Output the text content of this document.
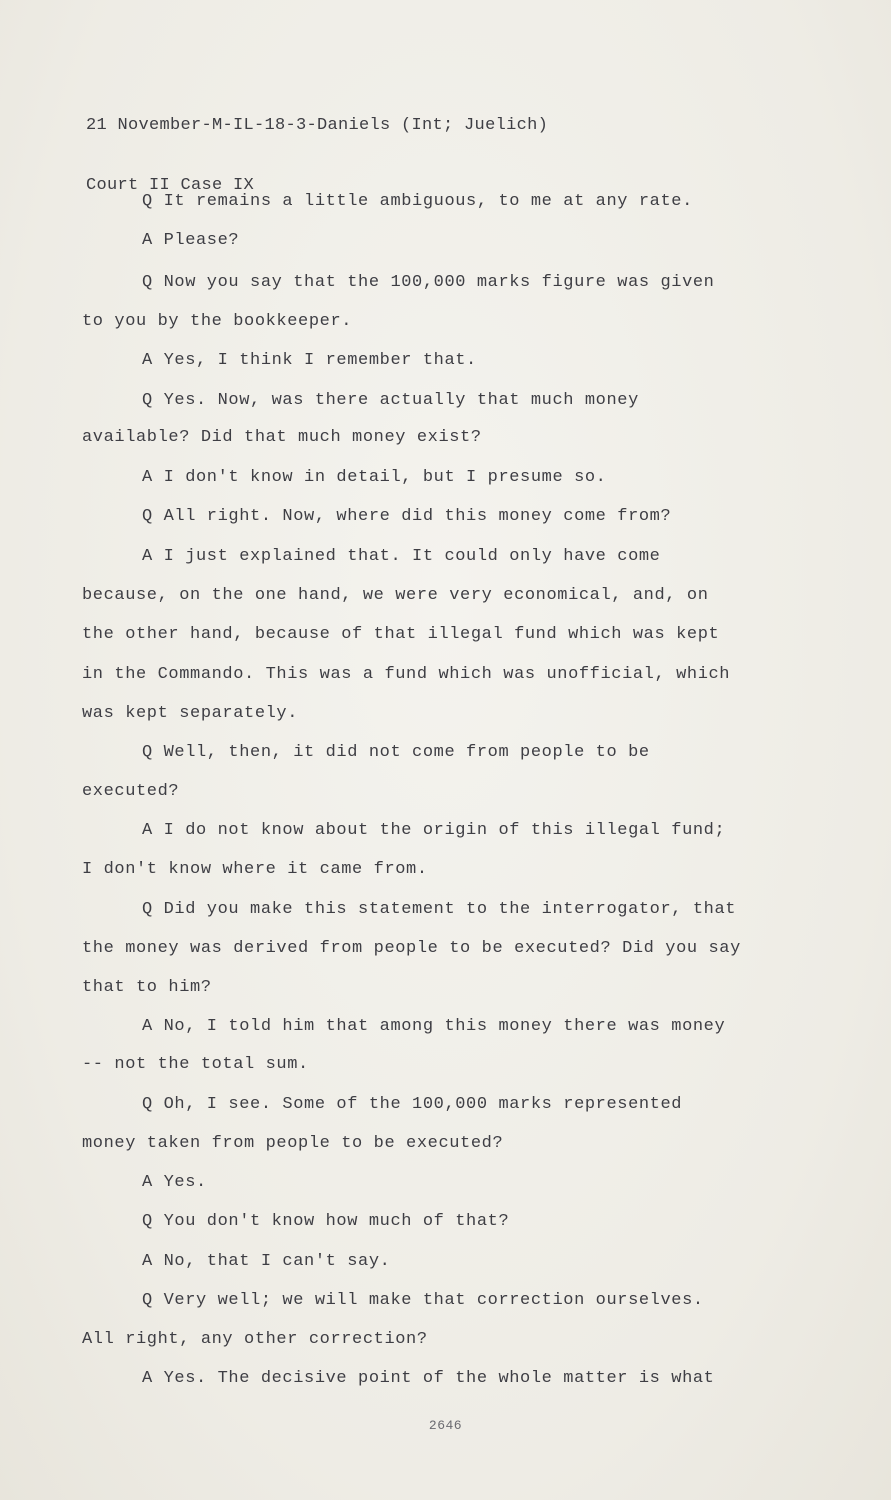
21 November-M-IL-18-3-Daniels (Int; Juelich)

Court II Case IX

Q It remains a little ambiguous, to me at any rate.
A Please?
Q Now you say that the 100,000 marks figure was given
to you by the bookkeeper.
A Yes, I think I remember that.
Q Yes. Now, was there actually that much money
available? Did that much money exist?
A I don't know in detail, but I presume so.
Q All right. Now, where did this money come from?
A I just explained that. It could only have come
because, on the one hand, we were very economical, and, on
the other hand, because of that illegal fund which was kept
in the Commando. This was a fund which was unofficial, which
was kept separately.
Q Well, then, it did not come from people to be
executed?
A I do not know about the origin of this illegal fund;
I don't know where it came from.
Q Did you make this statement to the interrogator, that
the money was derived from people to be executed? Did you say
that to him?
A No, I told him that among this money there was money
-- not the total sum.
Q Oh, I see. Some of the 100,000 marks represented
money taken from people to be executed?
A Yes.
Q You don't know how much of that?
A No, that I can't say.
Q Very well; we will make that correction ourselves.
All right, any other correction?
A Yes. The decisive point of the whole matter is what
2646
